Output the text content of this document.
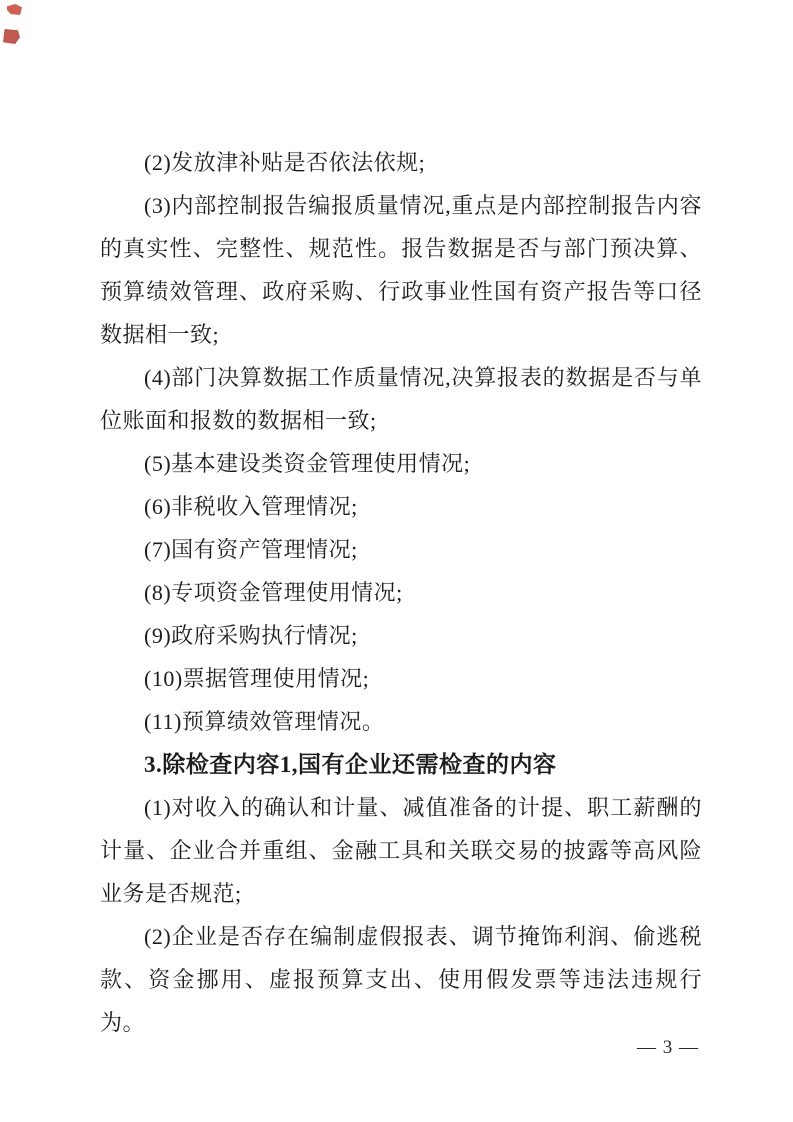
(2)发放津补贴是否依法依规;

(3)内部控制报告编报质量情况,重点是内部控制报告内容的真实性、完整性、规范性。报告数据是否与部门预决算、预算绩效管理、政府采购、行政事业性国有资产报告等口径数据相一致;

(4)部门决算数据工作质量情况,决算报表的数据是否与单位账面和报数的数据相一致;

(5)基本建设类资金管理使用情况;

(6)非税收入管理情况;

(7)国有资产管理情况;

(8)专项资金管理使用情况;

(9)政府采购执行情况;

(10)票据管理使用情况;

(11)预算绩效管理情况。

3.除检查内容1,国有企业还需检查的内容

(1)对收入的确认和计量、减值准备的计提、职工薪酬的计量、企业合并重组、金融工具和关联交易的披露等高风险业务是否规范;

(2)企业是否存在编制虚假报表、调节掩饰利润、偷逃税款、资金挪用、虚报预算支出、使用假发票等违法违规行为。

— 3 —
